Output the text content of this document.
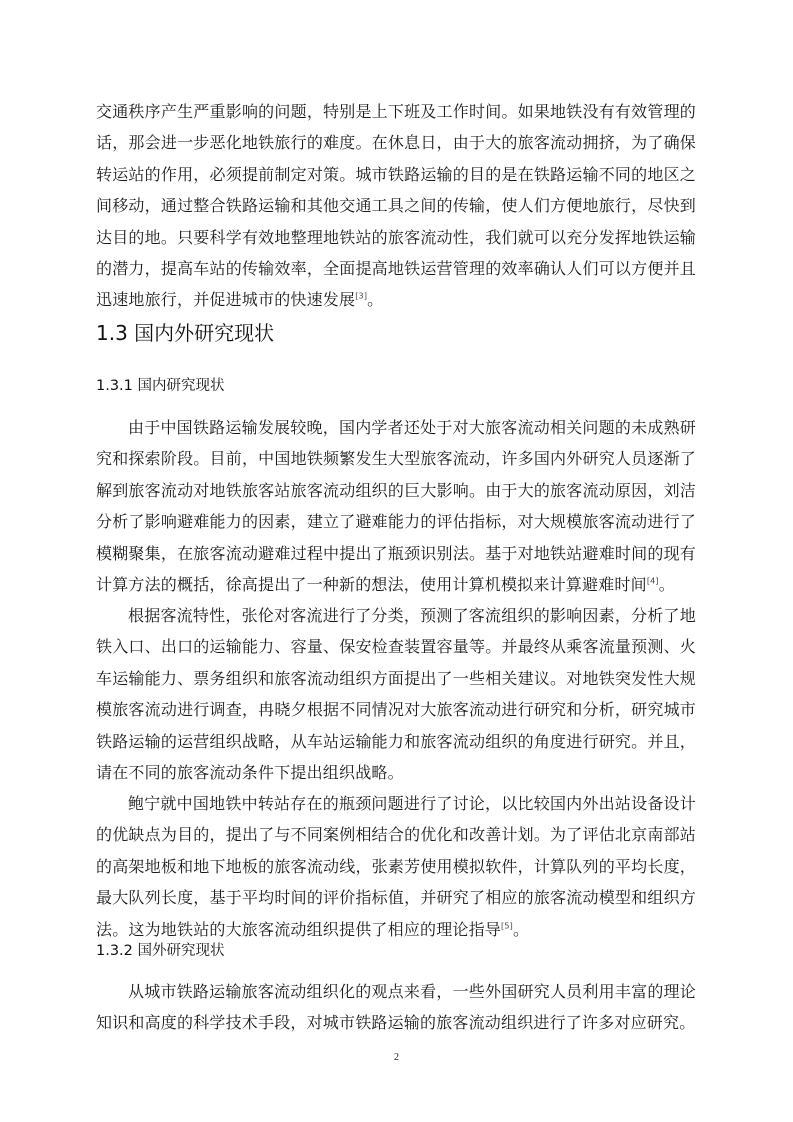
交通秩序产生严重影响的问题，特别是上下班及工作时间。如果地铁没有有效管理的话，那会进一步恶化地铁旅行的难度。在休息日，由于大的旅客流动拥挤，为了确保转运站的作用，必须提前制定对策。城市铁路运输的目的是在铁路运输不同的地区之间移动，通过整合铁路运输和其他交通工具之间的传输，使人们方便地旅行，尽快到达目的地。只要科学有效地整理地铁站的旅客流动性，我们就可以充分发挥地铁运输的潜力，提高车站的传输效率，全面提高地铁运营管理的效率确认人们可以方便并且迅速地旅行，并促进城市的快速发展[3]。

1.3 国内外研究现状
1.3.1 国内研究现状

由于中国铁路运输发展较晚，国内学者还处于对大旅客流动相关问题的未成熟研究和探索阶段。目前，中国地铁频繁发生大型旅客流动，许多国内外研究人员逐渐了解到旅客流动对地铁旅客站旅客流动组织的巨大影响。由于大的旅客流动原因，刘洁分析了影响避难能力的因素，建立了避难能力的评估指标，对大规模旅客流动进行了模糊聚集，在旅客流动避难过程中提出了瓶颈识别法。基于对地铁站避难时间的现有计算方法的概括，徐高提出了一种新的想法，使用计算机模拟来计算避难时间[4]。

根据客流特性，张伦对客流进行了分类，预测了客流组织的影响因素，分析了地铁入口、出口的运输能力、容量、保安检查装置容量等。并最终从乘客流量预测、火车运输能力、票务组织和旅客流动组织方面提出了一些相关建议。对地铁突发性大规模旅客流动进行调查，冉晓夕根据不同情况对大旅客流动进行研究和分析，研究城市铁路运输的运营组织战略，从车站运输能力和旅客流动组织的角度进行研究。并且，请在不同的旅客流动条件下提出组织战略。

鲍宁就中国地铁中转站存在的瓶颈问题进行了讨论，以比较国内外出站设备设计的优缺点为目的，提出了与不同案例相结合的优化和改善计划。为了评估北京南部站的高架地板和地下地板的旅客流动线，张素芳使用模拟软件，计算队列的平均长度，最大队列长度，基于平均时间的评价指标值，并研究了相应的旅客流动模型和组织方法。这为地铁站的大旅客流动组织提供了相应的理论指导[5]。

1.3.2 国外研究现状

从城市铁路运输旅客流动组织化的观点来看，一些外国研究人员利用丰富的理论知识和高度的科学技术手段，对城市铁路运输的旅客流动组织进行了许多对应研究。

2
